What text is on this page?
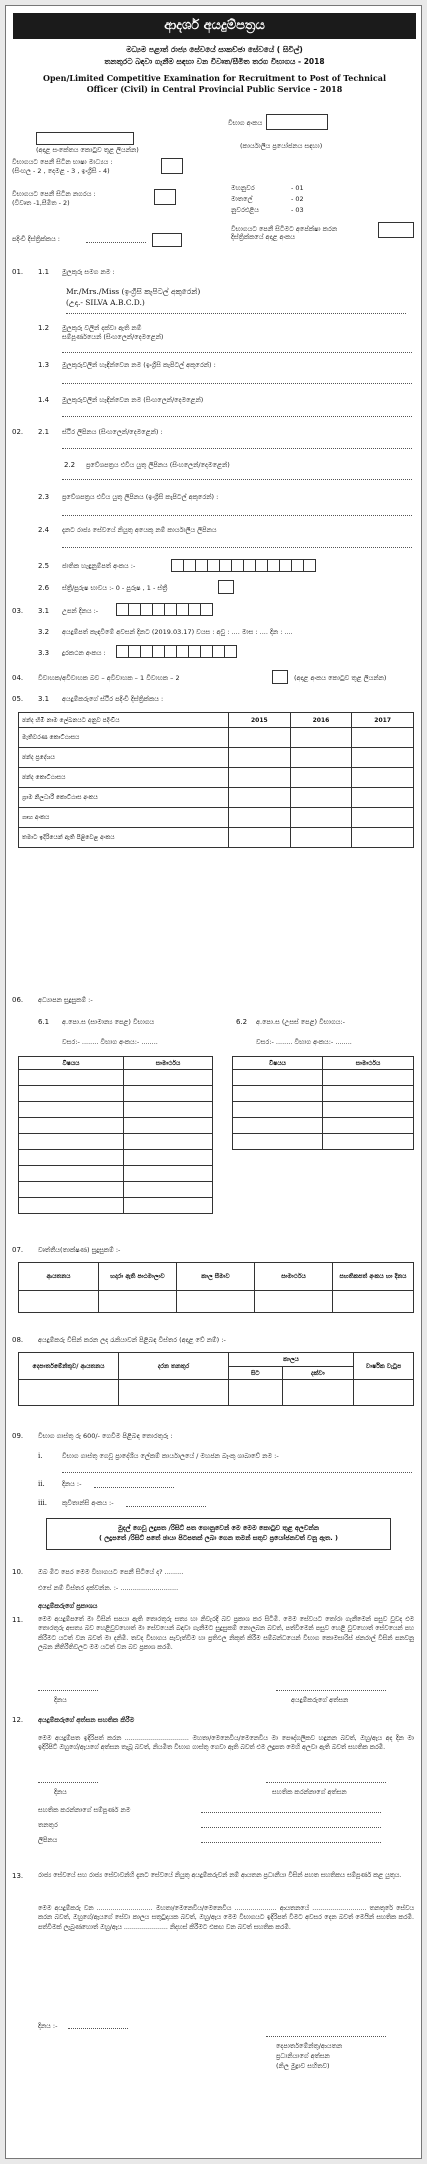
ආදර්ශ අයදුම්පත්‍රය
මධ්‍යම පළාත් රාජ්‍ය සේවයේ සාකච්ඡා සේවයේ ( සිවිල්)
තනතුරට බඳවා ගැනීම සඳහා වන විවෘත/සීමිත තරග විභාගය - 2018
Open/Limited Competitive Examination for Recruitment to Post of Technical Officer (Civil) in Central Provincial Public Service – 2018
විභාග අංකය
(අදාළ සංකේතය කොටුව තුළ ලියන්න)	(කාර්යාලීය ප්‍රයෝජනය සඳහා)
විභාගයට පෙනී සිටින භාෂා මාධ්‍යය :
(සිංහල - 2 , දෙමළ - 3 , ඉංග්‍රීසි - 4)
විභාගයට පෙනී සිටින නගරය :
(විවෘත -1,සීමිත - 2)
මහනුවර	- 01
මාතලේ	- 02
නුවරඑළිය	- 03
විභාගයට පෙනී සිටිමට අපේක්ෂා කරන දිස්ත්‍රික්කයේ අදාළ අංකය
පදිංචි දිස්ත්‍රික්කය :
01. 1.1 මුලකුරු සමග නම :
Mr./Mrs./Miss (ඉංග්‍රීසි කැපිටල් අකුරෙන්)
(උදා.- SILVA A.B.C.D.)
1.2 මුලකුරු වලින් දක්වා ඇති නම්
සම්පූර්ණයෙන් (සිංහලෙන්/දෙමළෙන්)
1.3 මුලකුරුවලින් හැඳින්වෙන නම (ඉංග්‍රීසි කැපිටල් අකුරෙන්) :
1.4 මුලකුරුවලින් හැඳින්වෙන නම (සිංහලෙන්/දෙමළෙන්)
02. 2.1 ස්ථිර ලිපිනය (සිංහලෙන්/දෙමළෙන්) :
2.2 ප්‍රවේශපත්‍රය එවිය යුතු ලිපිනය (සිංහලෙන්/දෙමළෙන්)
2.3 ප්‍රවේශපත්‍රය එවිය යුතු ලිපිනය (ඉංග්‍රීසි කැපිටල් අකුරෙන්) :
2.4 දැනට රාජ්‍ය සේවයේ නියුතු අයෙකු නම් කාර්යාලීය ලිපිනය
2.5 ජාතික හැඳුනුම්පත් අංකය :-
2.6 ස්ත්‍රී/පුරුෂ භාවය :- 0 - පුරුෂ , 1 - ස්ත්‍රී
03. 3.1 උපන් දිනය :-
3.2 අයදුම්පත් කැඳවීමේ අවසන් දිනට (2019.03.17) වයස : අවු : .... මාස : .... දින : ....
3.3 දුරකථන අංකය :
04. විවාහක/අවිවාහක බව – අවිවාහක – 1 විවාහක – 2	(අදාළ අංකය කොටුව තුළ ලියන්න)
05. 3.1 අයදුම්කරුගේ ස්ථිර පදිංචි දිස්ත්‍රික්කය :
ඡන්ද හිමි නාම ලේඛනයට අනුව පදිංචිය	2015	2016	2017
මැතිවරණ කොට්ඨාසය			
ඡන්ද ප්‍රදේශය			
ඡන්ද කොට්ඨාසය			
ග්‍රාම නිලධාරී කොට්ඨාස අංකය			
ගෘහ අංකය			
තමාට ඉදිරියෙන් ඇති පිළිවෙළ අංකය			
06. අධ්‍යාපන සුදුසුකම් :-
6.1 අ.පො.ස (සාමාන්‍ය පෙළ) විභාගය	6.2 අ.පො.ස (උසස් පෙළ) විභාගය:-
වසර:- ........ විභාග අංකය:- ........	වසර:- ........ විභාග අංකය:- ........
විෂයය	සාමාර්ථය

		විෂයය	සාමාර්ථය

07. වෘත්තීය(තාක්ෂණ) සුදුසුකම් :-
ආයතනය	හදාරා ඇති පාඨමාලාව	කාල සීමාව	සාමාර්ථය	සහතිකපත් අංකය හා දිනය

08. අයදුම්කරු විසින් කරන ලද රැකියාවන් පිළිබඳ විස්තර (අදාළ වේ නම්) :-
දෙපාර්තමේන්තුව/ ආයතනය	දරන තනතුර	කාලය		වාර්ෂික වැටුප
		සිට	දක්වා	

09. විභාග ගාස්තු රු 600/- ගෙවීම පිළිබඳ තොරතුරු :
i.	විභාග ගාස්තු ගෙවූ ප්‍රාදේශීය ලේකම් කාර්යාලයේ / මහජන බැංකු ශාඛාවේ නම :-
ii.	දිනය :-
iii. කුවිතාන්සි අංකය :-
මුදල් ගෙවූ ලදුපත /රිසිට් පත ගොනුවෙන් මෙ මෙම කොටුව තුළ අලවන්න
( ලදුපතේ /රිසිට් පතේ ඡායා පිටපතක් ලබා ගෙන තමන් සතුව ප්‍රයෝජනවත් වනු ඇත. )
10. ඔබ මීට පෙර මෙම විභාගයට පෙනී සිටියේ ද? .........
එසේ නම් විස්තර දක්වන්න. :- ............................
අයදුම්කරුගේ ප්‍රකාශය
11. මෙම අයදුම්පතේ මා විසින් සපයා ඇති තොරතුරු සත්‍ය හා නිවැරදි බව ප්‍රකාශ කර සිටිමි. මෙම සේවයට තෝරා ගැනීමෙන් පසුව වුවද එම තොරතුරු අසත්‍ය බව හෙළිවුවහොත් මා සේවයෙන් බඳවා ගැනීමට සුදුසුකම් නොලබන බවත්, පත්වීමෙන් පසුව හෙළි වුවහොත් සේවයෙන් පහ කිරීමට යටත් වන බවත් මා දනිමි. තවද විභාගය පැවැත්වීම හා ප්‍රතිඵල නිකුත් කිරීම සම්බන්ධයෙන් විභාග කොමසාරිස් ජනරාල් විසින් පනවනු ලබන නීතිරීතිවලට මම යටත් වන බව ප්‍රකාශ කරමි.
දිනය	අයදුම්කරුගේ අත්සන
12. අයදුම්කරුගේ අත්සන සහතික කිරීම
මෙම අයදුම්පත ඉදිරිපත් කරන ................................ මහතා/මෙනෙවිය/මෙනෙවිය මා පෞද්ගලිකව හඳුනන බවත්, ඔහු/ඇය අද දින මා ඉදිරිපිට් ඔහුගේ/ඇයගේ අත්සන තැබූ බවත්, නියමිත විභාග ගාස්තු ගෙවා ඇති බවත් එම ලදුපත මෙහි අලවා ඇති බවත් සහතික කරමි.
දිනය	සහතික කරන්නාගේ අත්සන
සහතික කරන්නාගේ සම්පූර්ණ නම
තනතුර
ලිපිනය
13. රාජ්‍ය සේවයේ සහ රාජ්‍ය සේවාවන්හි දැනට සේවයේ නියුතු අයදුම්කරුවන් නම් ආයතන ප්‍රධානීයා විසින් පහත සහතිකය සම්පූර්ණ කළ යුතුය.
මෙම අයදුම්කරු වන ............................ මහතා/මෙනෙවිය/මෙනෙවිය ..................... ආයතනයේ ........................... තනතුරේ සේවය කරන බවත්, ඔහුගේ/ඇයගේ සේවා කාලය සතුටුදායක බවත්, ඔහු/ඇය මෙම විභාගයට ඉදිරිපත් වීමට අවසර දෙන බවත් මෙයින් සහතික කරමි. පත්වීමක් ලැබුණහොත් ඔහු/ඇය ...................... නිදහස් කිරීමට එකඟ වන බවත් සහතික කරමි.
දිනය :-
දෙපාර්තමේන්තු/ආයතන
ප්‍රධානියාගේ අත්සන
(නිල මුද්‍රාව සහිතව)
